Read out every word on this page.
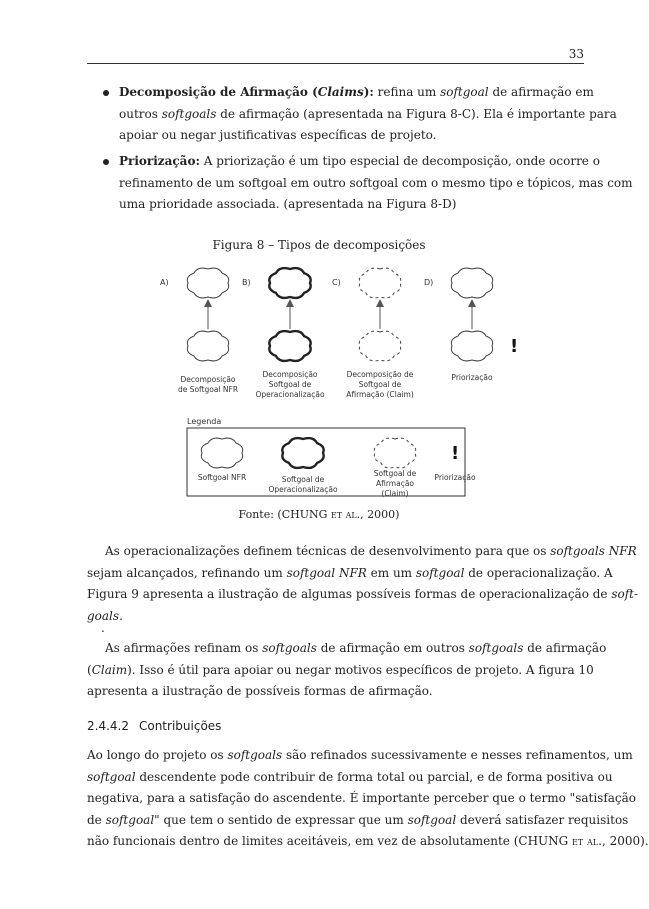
33
Decomposição de Afirmação (Claims): refina um softgoal de afirmação em
outros softgoals de afirmação (apresentada na Figura 8-C). Ela é importante para
apoiar ou negar justificativas específicas de projeto.
Priorização: A priorização é um tipo especial de decomposição, onde ocorre o
refinamento de um softgoal em outro softgoal com o mesmo tipo e tópicos, mas com
uma prioridade associada. (apresentada na Figura 8-D)
Figura 8 – Tipos de decomposições
A)
Decomposição de Softgoal NFR
B)
Decomposição Softgoal de Operacionalização
C)
Decomposição de Softgoal de Afirmação (Claim)
D)
Priorização
!
Legenda
Softgoal NFR	Softgoal de Operacionalização
Softgoal de Afirmação (Claim)
!
Priorização
Fonte: (CHUNG et al., 2000)
As operacionalizações definem técnicas de desenvolvimento para que os softgoals NFR
sejam alcançados, refinando um softgoal NFR em um softgoal de operacionalização. A
Figura 9 apresenta a ilustração de algumas possíveis formas de operacionalização de soft-
goals.
.
As afirmações refinam os softgoals de afirmação em outros softgoals de afirmação
(Claim). Isso é útil para apoiar ou negar motivos específicos de projeto. A figura 10
apresenta a ilustração de possíveis formas de afirmação.
2.4.4.2 Contribuições
Ao longo do projeto os softgoals são refinados sucessivamente e nesses refinamentos, um
softgoal descendente pode contribuir de forma total ou parcial, e de forma positiva ou
negativa, para a satisfação do ascendente. É importante perceber que o termo "satisfação
de softgoal" que tem o sentido de expressar que um softgoal deverá satisfazer requisitos
não funcionais dentro de limites aceitáveis, em vez de absolutamente (CHUNG et al., 2000).
